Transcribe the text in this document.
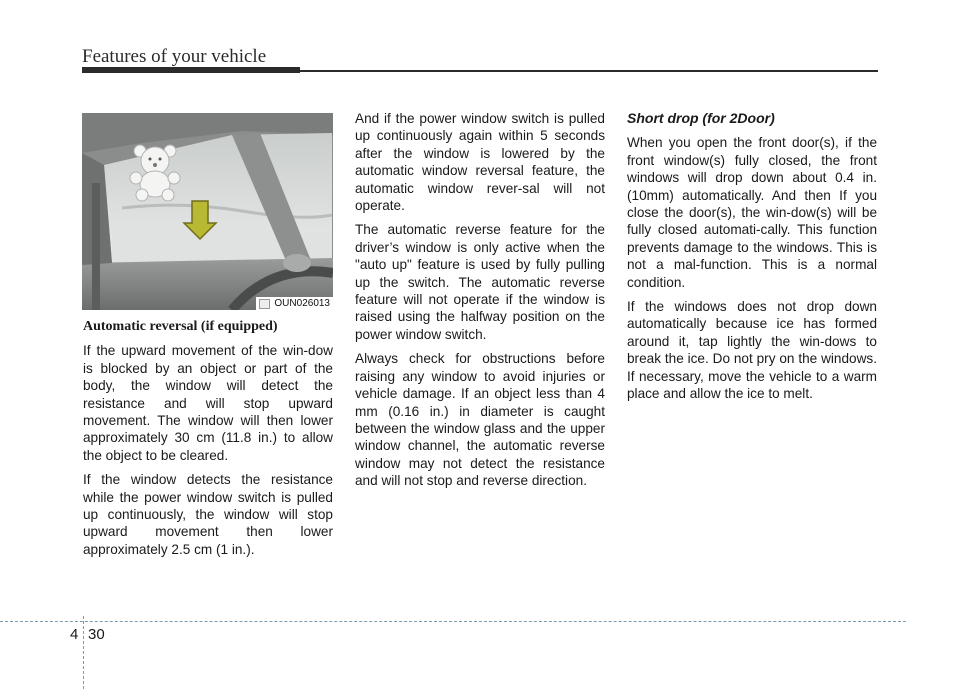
Features of your vehicle
OUN026013

Automatic reversal (if equipped)

If the upward movement of the win-dow is blocked by an object or part of the body, the window will detect the resistance and will stop upward movement. The window will then lower approximately 30 cm (11.8 in.) to allow the object to be cleared.

If the window detects the resistance while the power window switch is pulled up continuously, the window will stop upward movement then lower approximately 2.5 cm (1 in.).

And if the power window switch is pulled up continuously again within 5 seconds after the window is lowered by the automatic window reversal feature, the automatic window rever-sal will not operate.

The automatic reverse feature for the driver’s window is only active when the "auto up" feature is used by fully pulling up the switch. The automatic reverse feature will not operate if the window is raised using the halfway position on the power window switch.

Always check for obstructions before raising any window to avoid injuries or vehicle damage. If an object less than 4 mm (0.16 in.) in diameter is caught between the window glass and the upper window channel, the automatic reverse window may not detect the resistance and will not stop and reverse direction.

Short drop (for 2Door)

When you open the front door(s), if the front window(s) fully closed, the front windows will drop down about 0.4 in.(10mm) automatically. And then If you close the door(s), the win-dow(s) will be fully closed automati-cally. This function prevents damage to the windows. This is not a mal-function. This is a normal condition.

If the windows does not drop down automatically because ice has formed around it, tap lightly the win-dows to break the ice. Do not pry on the windows. If necessary, move the vehicle to a warm place and allow the ice to melt.

4 30
